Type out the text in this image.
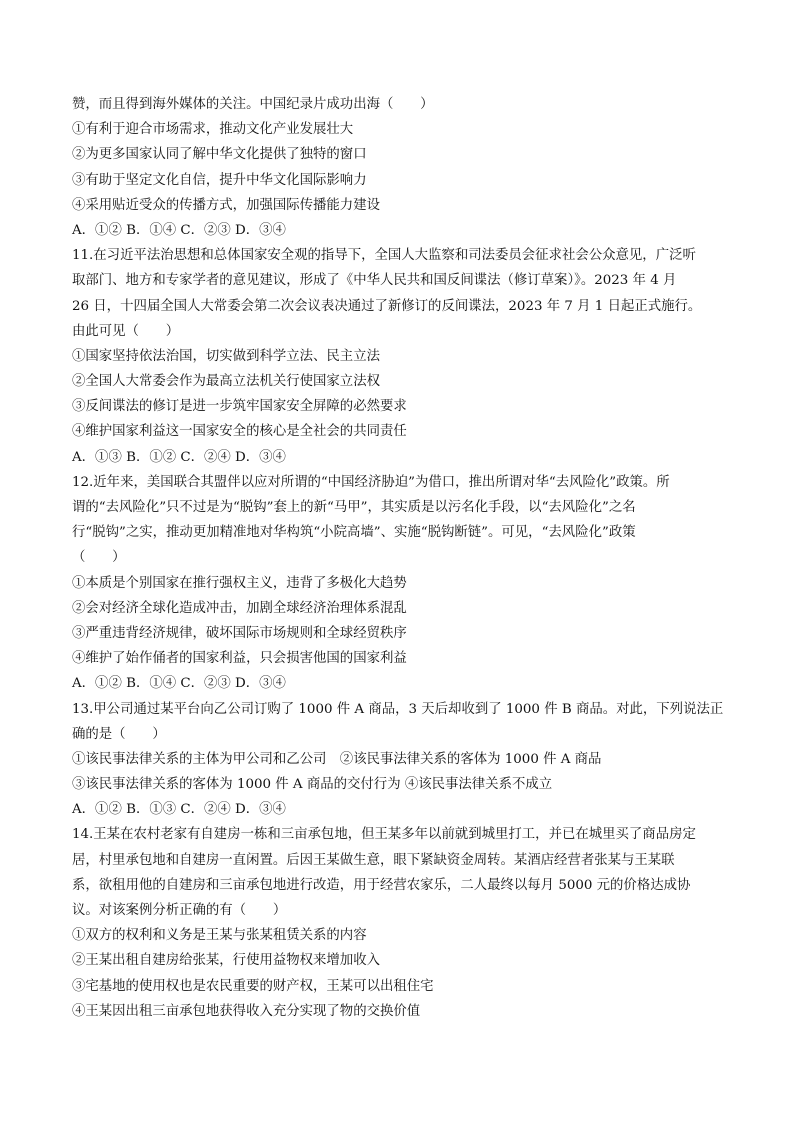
赞，而且得到海外媒体的关注。中国纪录片成功出海（　　）
①有利于迎合市场需求，推动文化产业发展壮大
②为更多国家认同了解中华文化提供了独特的窗口
③有助于坚定文化自信，提升中华文化国际影响力
④采用贴近受众的传播方式，加强国际传播能力建设
A．①② B．①④ C．②③ D．③④
11.在习近平法治思想和总体国家安全观的指导下，全国人大监察和司法委员会征求社会公众意见，广泛听
取部门、地方和专家学者的意见建议，形成了《中华人民共和国反间谍法（修订草案）》。2023 年 4 月
26 日，十四届全国人大常委会第二次会议表决通过了新修订的反间谍法，2023 年 7 月 1 日起正式施行。
由此可见（　　）
①国家坚持依法治国，切实做到科学立法、民主立法
②全国人大常委会作为最高立法机关行使国家立法权
③反间谍法的修订是进一步筑牢国家安全屏障的必然要求
④维护国家利益这一国家安全的核心是全社会的共同责任
A．①③ B．①② C．②④ D．③④
12.近年来，美国联合其盟伴以应对所谓的“中国经济胁迫”为借口，推出所谓对华“去风险化”政策。所
谓的“去风险化”只不过是为“脱钩”套上的新“马甲”，其实质是以污名化手段，以“去风险化”之名
行“脱钩”之实，推动更加精准地对华构筑“小院高墙”、实施“脱钩断链”。可见，“去风险化”政策
（　　）
①本质是个别国家在推行强权主义，违背了多极化大趋势
②会对经济全球化造成冲击，加剧全球经济治理体系混乱
③严重违背经济规律，破坏国际市场规则和全球经贸秩序
④维护了始作俑者的国家利益，只会损害他国的国家利益
A．①② B．①④ C．②③ D．③④
13.甲公司通过某平台向乙公司订购了 1000 件 A 商品，3 天后却收到了 1000 件 B 商品。对此，下列说法正
确的是（　　）
①该民事法律关系的主体为甲公司和乙公司　②该民事法律关系的客体为 1000 件 A 商品
③该民事法律关系的客体为 1000 件 A 商品的交付行为 ④该民事法律关系不成立
A．①② B．①③ C．②④ D．③④
14.王某在农村老家有自建房一栋和三亩承包地，但王某多年以前就到城里打工，并已在城里买了商品房定
居，村里承包地和自建房一直闲置。后因王某做生意，眼下紧缺资金周转。某酒店经营者张某与王某联
系，欲租用他的自建房和三亩承包地进行改造，用于经营农家乐，二人最终以每月 5000 元的价格达成协
议。对该案例分析正确的有（　　）
①双方的权利和义务是王某与张某租赁关系的内容
②王某出租自建房给张某，行使用益物权来增加收入
③宅基地的使用权也是农民重要的财产权，王某可以出租住宅
④王某因出租三亩承包地获得收入充分实现了物的交换价值
